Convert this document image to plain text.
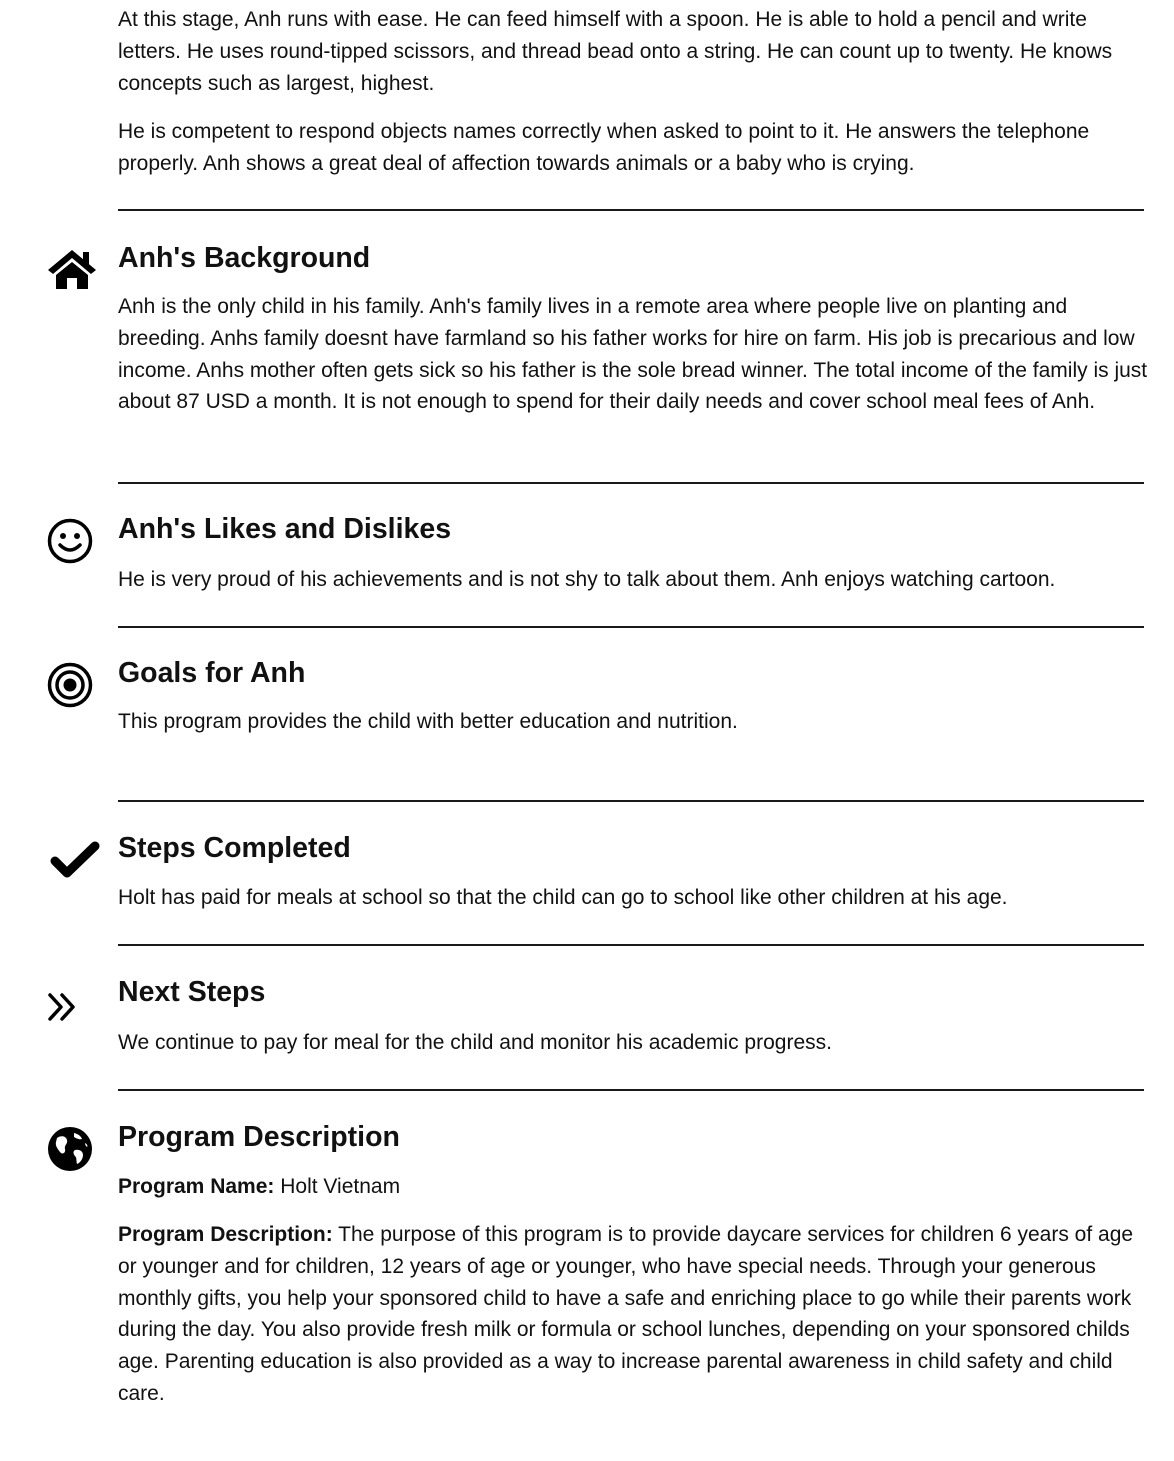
At this stage, Anh runs with ease. He can feed himself with a spoon. He is able to hold a pencil and write letters. He uses round-tipped scissors, and thread bead onto a string. He can count up to twenty. He knows concepts such as largest, highest.

He is competent to respond objects names correctly when asked to point to it. He answers the telephone properly. Anh shows a great deal of affection towards animals or a baby who is crying.

Anh's Background

Anh is the only child in his family. Anh's family lives in a remote area where people live on planting and breeding. Anhs family doesnt have farmland so his father works for hire on farm. His job is precarious and low income. Anhs mother often gets sick so his father is the sole bread winner. The total income of the family is just about 87 USD a month. It is not enough to spend for their daily needs and cover school meal fees of Anh.

Anh's Likes and Dislikes

He is very proud of his achievements and is not shy to talk about them. Anh enjoys watching cartoon.

Goals for Anh

This program provides the child with better education and nutrition.

Steps Completed

Holt has paid for meals at school so that the child can go to school like other children at his age.

Next Steps

We continue to pay for meal for the child and monitor his academic progress.

Program Description

Program Name: Holt Vietnam

Program Description: The purpose of this program is to provide daycare services for children 6 years of age or younger and for children, 12 years of age or younger, who have special needs. Through your generous monthly gifts, you help your sponsored child to have a safe and enriching place to go while their parents work during the day. You also provide fresh milk or formula or school lunches, depending on your sponsored childs age. Parenting education is also provided as a way to increase parental awareness in child safety and child care.
